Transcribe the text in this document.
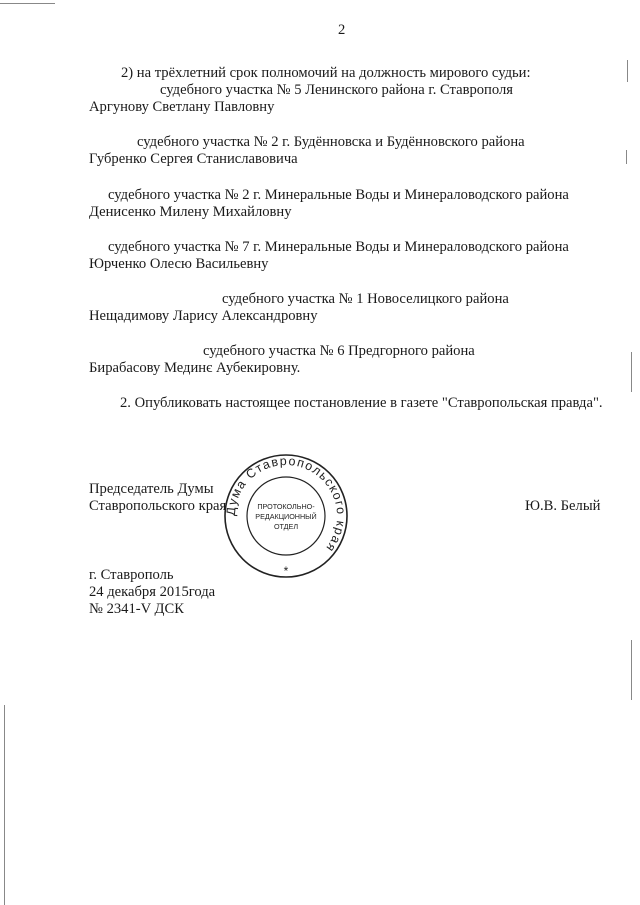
2
2) на трёхлетний срок полномочий на должность мирового судьи:
судебного участка № 5 Ленинского района г. Ставрополя
Аргунову Светлану Павловну
судебного участка № 2 г. Будённовска и Будённовского района
Губренко Сергея Станиславовича
судебного участка № 2 г. Минеральные Воды и Минераловодского района
Денисенко Милену Михайловну
судебного участка № 7 г. Минеральные Воды и Минераловодского района
Юрченко Олесю Васильевну
судебного участка № 1 Новоселицкого района
Нещадимову Ларису Александровну
судебного участка № 6 Предгорного района
Бирабасову Мединє Аубекировну.
2. Опубликовать настоящее постановление в газете "Ставропольская правда".
Председатель Думы
Ставропольского края	Ю.В. Белый
Дума Ставропольского края
ПРОТОКОЛЬНО-
РЕДАКЦИОННЫЙ
ОТДЕЛ
*
г. Ставрополь
24 декабря 2015года
№ 2341-V ДСК
